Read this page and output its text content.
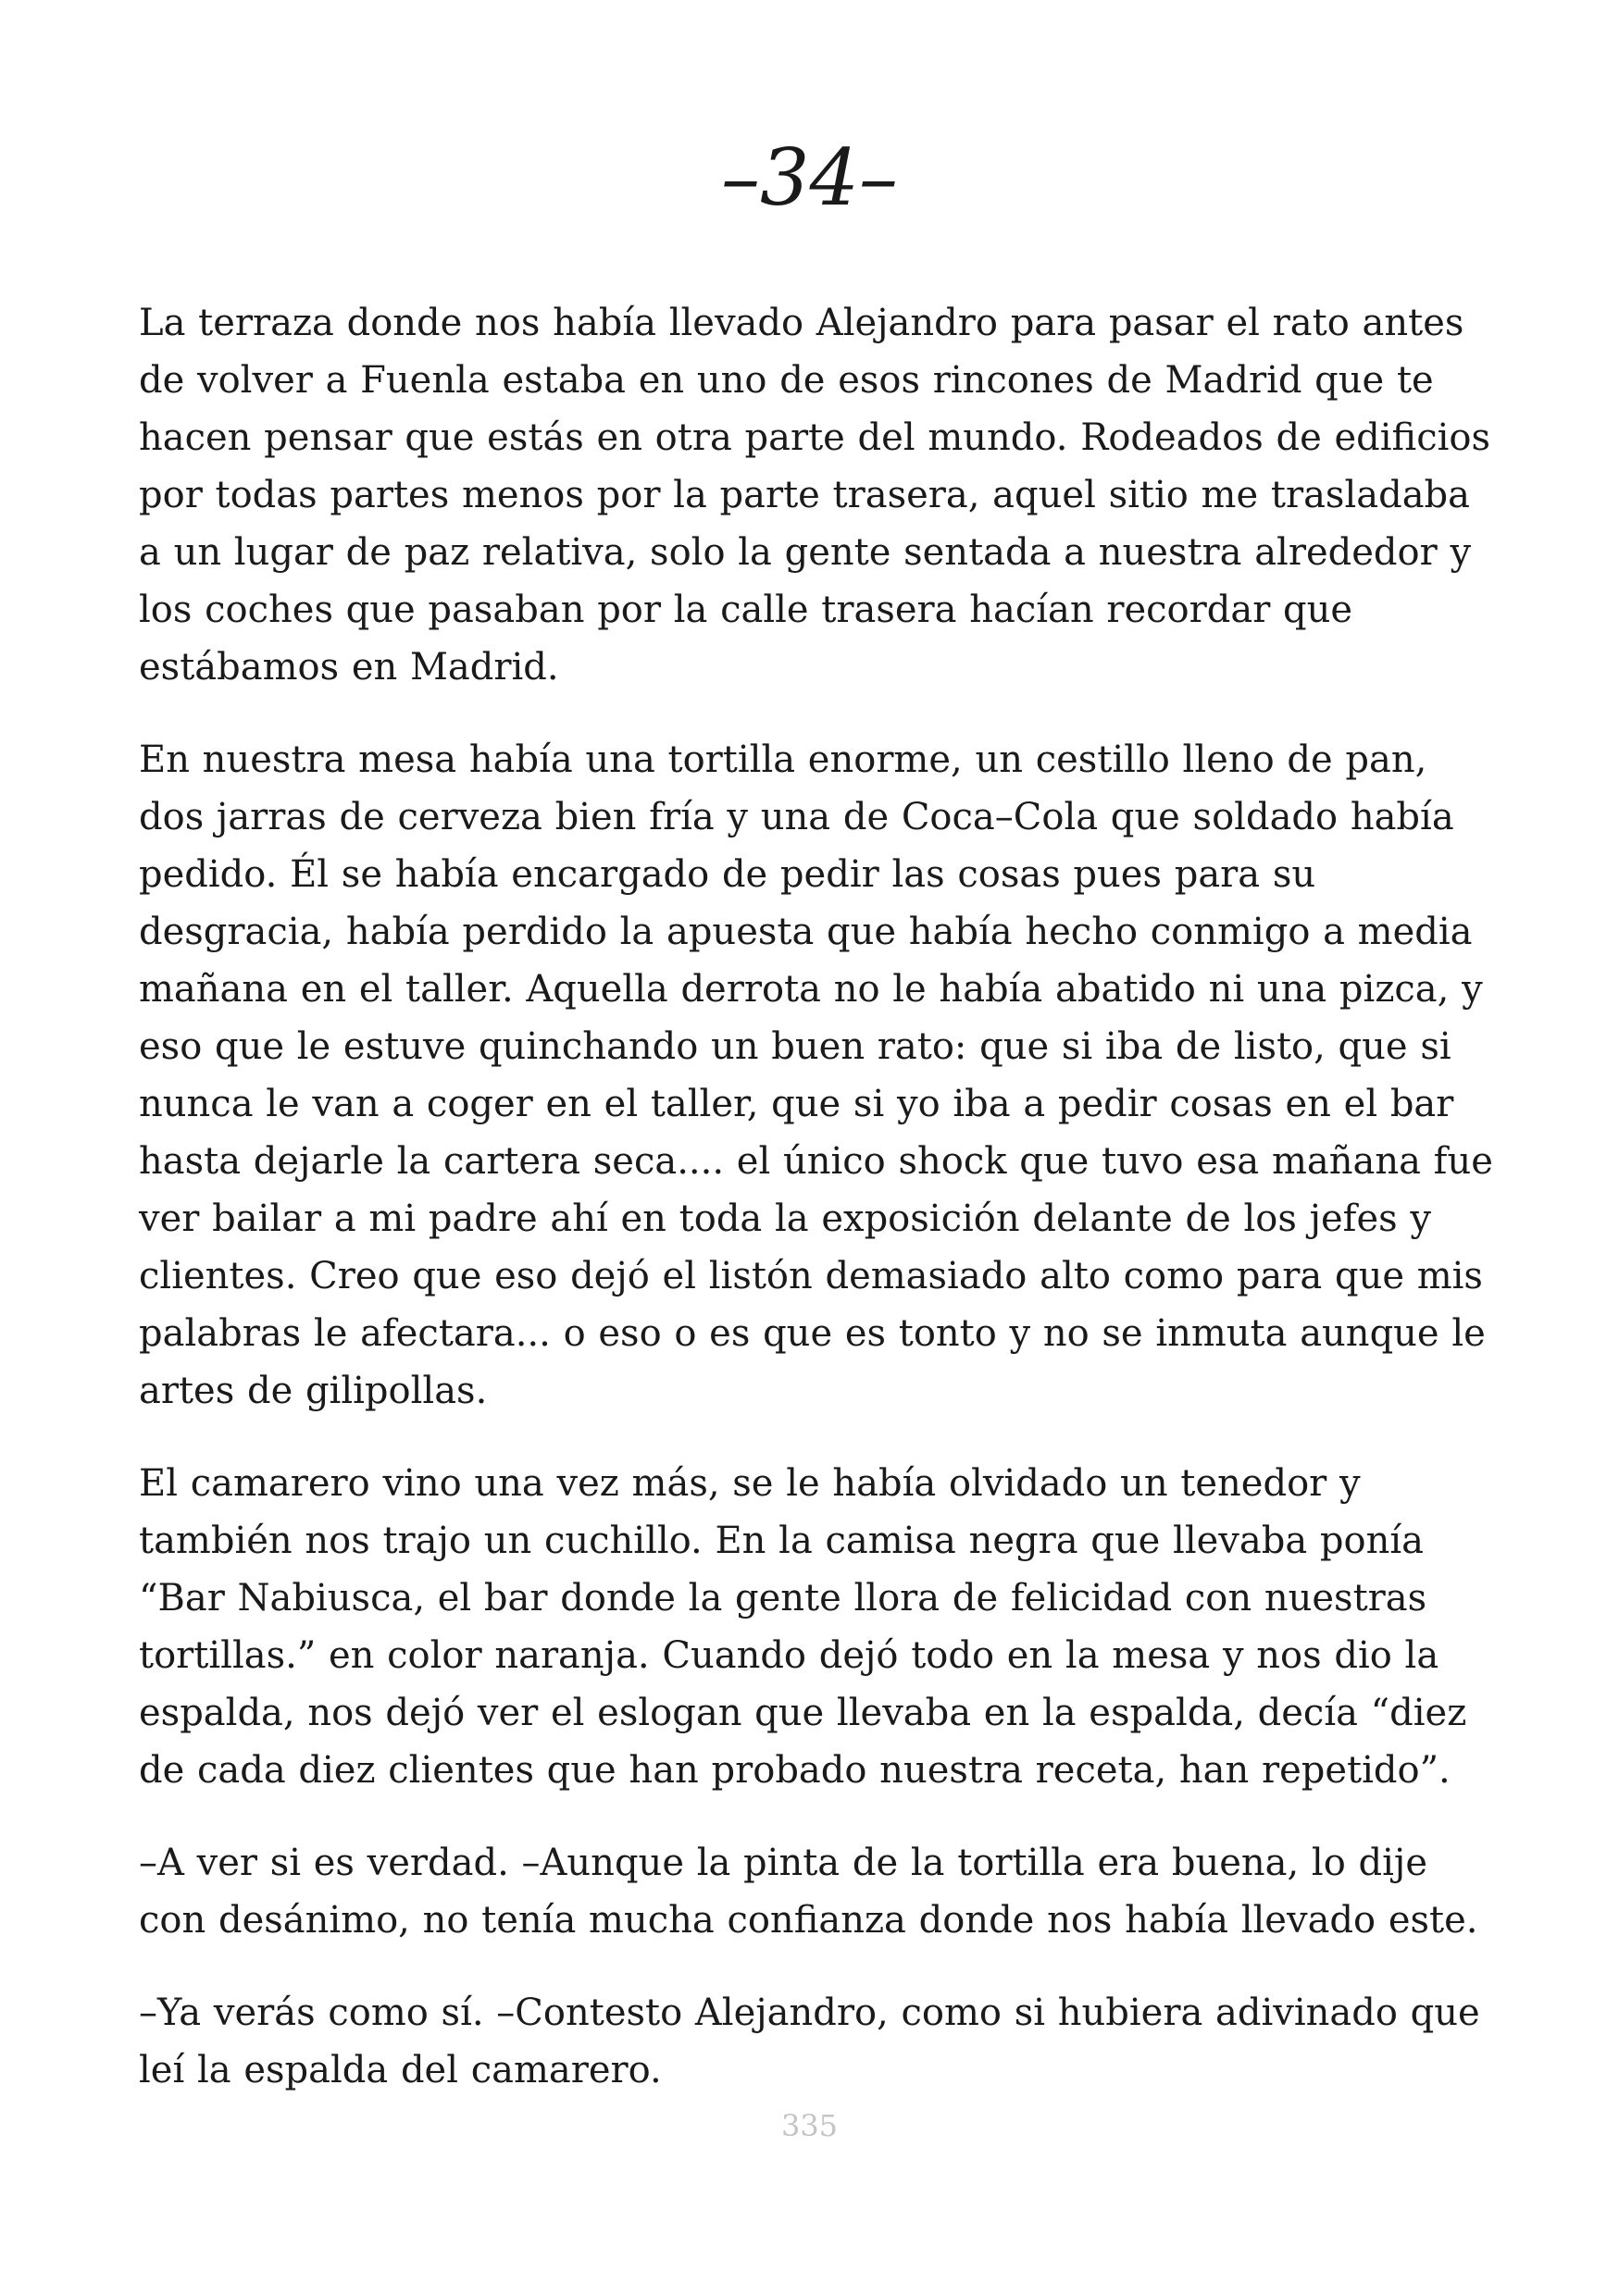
–34–

La terraza donde nos había llevado Alejandro para pasar el rato antes de volver a Fuenla estaba en uno de esos rincones de Madrid que te hacen pensar que estás en otra parte del mundo. Rodeados de edificios por todas partes menos por la parte trasera, aquel sitio me trasladaba a un lugar de paz relativa, solo la gente sentada a nuestra alrededor y los coches que pasaban por la calle trasera hacían recordar que estábamos en Madrid.

En nuestra mesa había una tortilla enorme, un cestillo lleno de pan, dos jarras de cerveza bien fría y una de Coca–Cola que soldado había pedido. Él se había encargado de pedir las cosas pues para su desgracia, había perdido la apuesta que había hecho conmigo a media mañana en el taller. Aquella derrota no le había abatido ni una pizca, y eso que le estuve quinchando un buen rato: que si iba de listo, que si nunca le van a coger en el taller, que si yo iba a pedir cosas en el bar hasta dejarle la cartera seca.... el único shock que tuvo esa mañana fue ver bailar a mi padre ahí en toda la exposición delante de los jefes y clientes. Creo que eso dejó el listón demasiado alto como para que mis palabras le afectara... o eso o es que es tonto y no se inmuta aunque le artes de gilipollas.

El camarero vino una vez más, se le había olvidado un tenedor y también nos trajo un cuchillo. En la camisa negra que llevaba ponía “Bar Nabiusca, el bar donde la gente llora de felicidad con nuestras tortillas.” en color naranja. Cuando dejó todo en la mesa y nos dio la espalda, nos dejó ver el eslogan que llevaba en la espalda, decía “diez de cada diez clientes que han probado nuestra receta, han repetido”.

–A ver si es verdad. –Aunque la pinta de la tortilla era buena, lo dije con desánimo, no tenía mucha confianza donde nos había llevado este.

–Ya verás como sí. –Contesto Alejandro, como si hubiera adivinado que leí la espalda del camarero.

335
